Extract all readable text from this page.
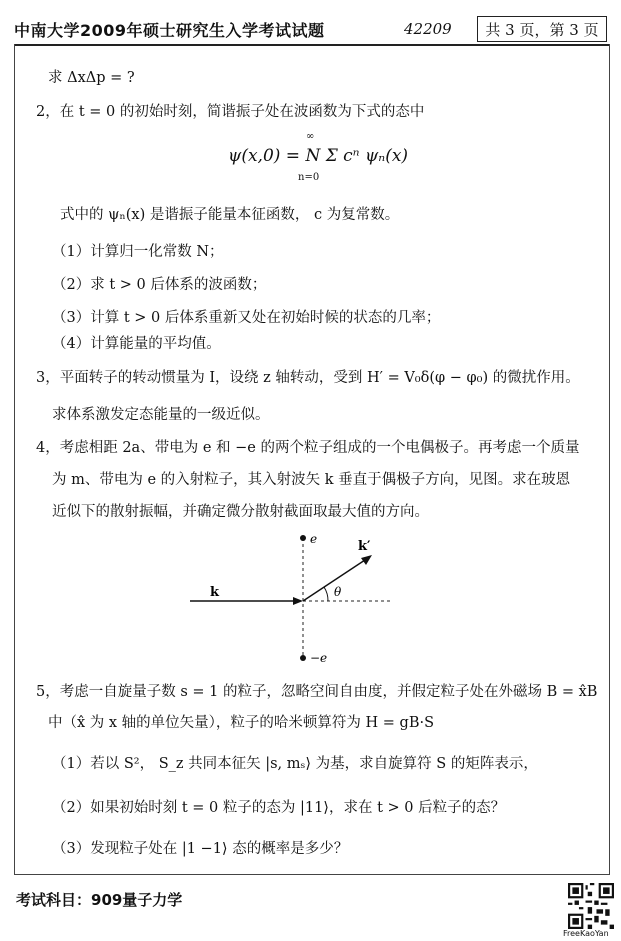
中南大学2009年硕士研究生入学考试试题	42209	共 3 页，第 3 页
求 ΔxΔp = ?
2，在 t = 0 的初始时刻，简谐振子处在波函数为下式的态中
ψ(x,0) = N Σ cⁿ ψₙ(x)
∞
n=0
式中的 ψₙ(x) 是谐振子能量本征函数， c 为复常数。
（1）计算归一化常数 N；
（2）求 t > 0 后体系的波函数；
（3）计算 t > 0 后体系重新又处在初始时候的状态的几率；
（4）计算能量的平均值。
3，平面转子的转动惯量为 I，设绕 z 轴转动，受到 H′ = V₀δ(φ − φ₀) 的微扰作用。
求体系激发定态能量的一级近似。
4，考虑相距 2a、带电为 e 和 −e 的两个粒子组成的一个电偶极子。再考虑一个质量
为 m、带电为 e 的入射粒子，其入射波矢 k 垂直于偶极子方向，见图。求在玻恩
近似下的散射振幅，并确定微分散射截面取最大值的方向。
e
−e
k
k′
θ
5，考虑一自旋量子数 s = 1 的粒子，忽略空间自由度，并假定粒子处在外磁场 B = x̂B
中（x̂ 为 x 轴的单位矢量），粒子的哈米顿算符为 H = gB·S
（1）若以 S²， S_z 共同本征矢 |s, mₛ⟩ 为基，求自旋算符 S 的矩阵表示，
（2）如果初始时刻 t = 0 粒子的态为 |11⟩，求在 t > 0 后粒子的态？
（3）发现粒子处在 |1 −1⟩ 态的概率是多少？
考试科目：909量子力学
FreeKaoYan
